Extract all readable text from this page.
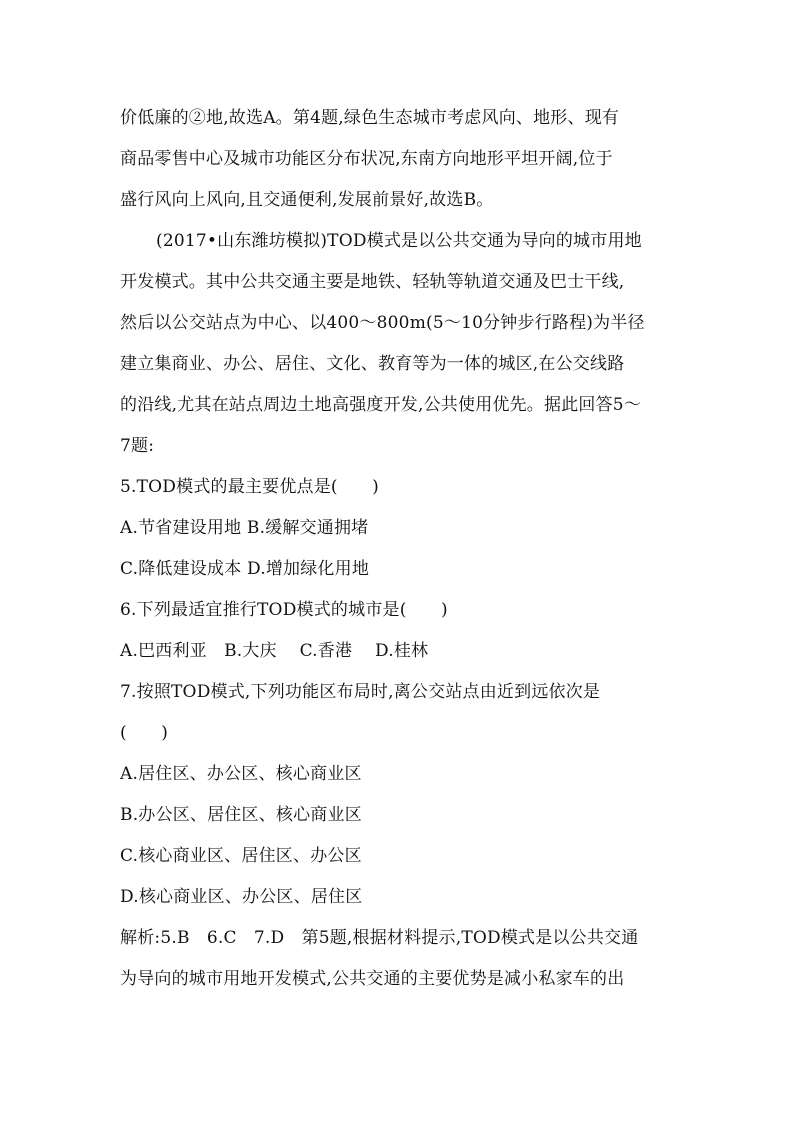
价低廉的②地,故选A。第4题,绿色生态城市考虑风向、地形、现有
商品零售中心及城市功能区分布状况,东南方向地形平坦开阔,位于
盛行风向上风向,且交通便利,发展前景好,故选B。
(2017•山东潍坊模拟)TOD模式是以公共交通为导向的城市用地
开发模式。其中公共交通主要是地铁、轻轨等轨道交通及巴士干线,
然后以公交站点为中心、以400～800m(5～10分钟步行路程)为半径
建立集商业、办公、居住、文化、教育等为一体的城区,在公交线路
的沿线,尤其在站点周边土地高强度开发,公共使用优先。据此回答5～
7题:
5.TOD模式的最主要优点是(　　)
A.节省建设用地 B.缓解交通拥堵
C.降低建设成本 D.增加绿化用地
6.下列最适宜推行TOD模式的城市是(　　)
A.巴西利亚　B.大庆　 C.香港　 D.桂林
7.按照TOD模式,下列功能区布局时,离公交站点由近到远依次是
(　　)
A.居住区、办公区、核心商业区
B.办公区、居住区、核心商业区
C.核心商业区、居住区、办公区
D.核心商业区、办公区、居住区
解析:5.B　6.C　7.D　第5题,根据材料提示,TOD模式是以公共交通
为导向的城市用地开发模式,公共交通的主要优势是减小私家车的出
